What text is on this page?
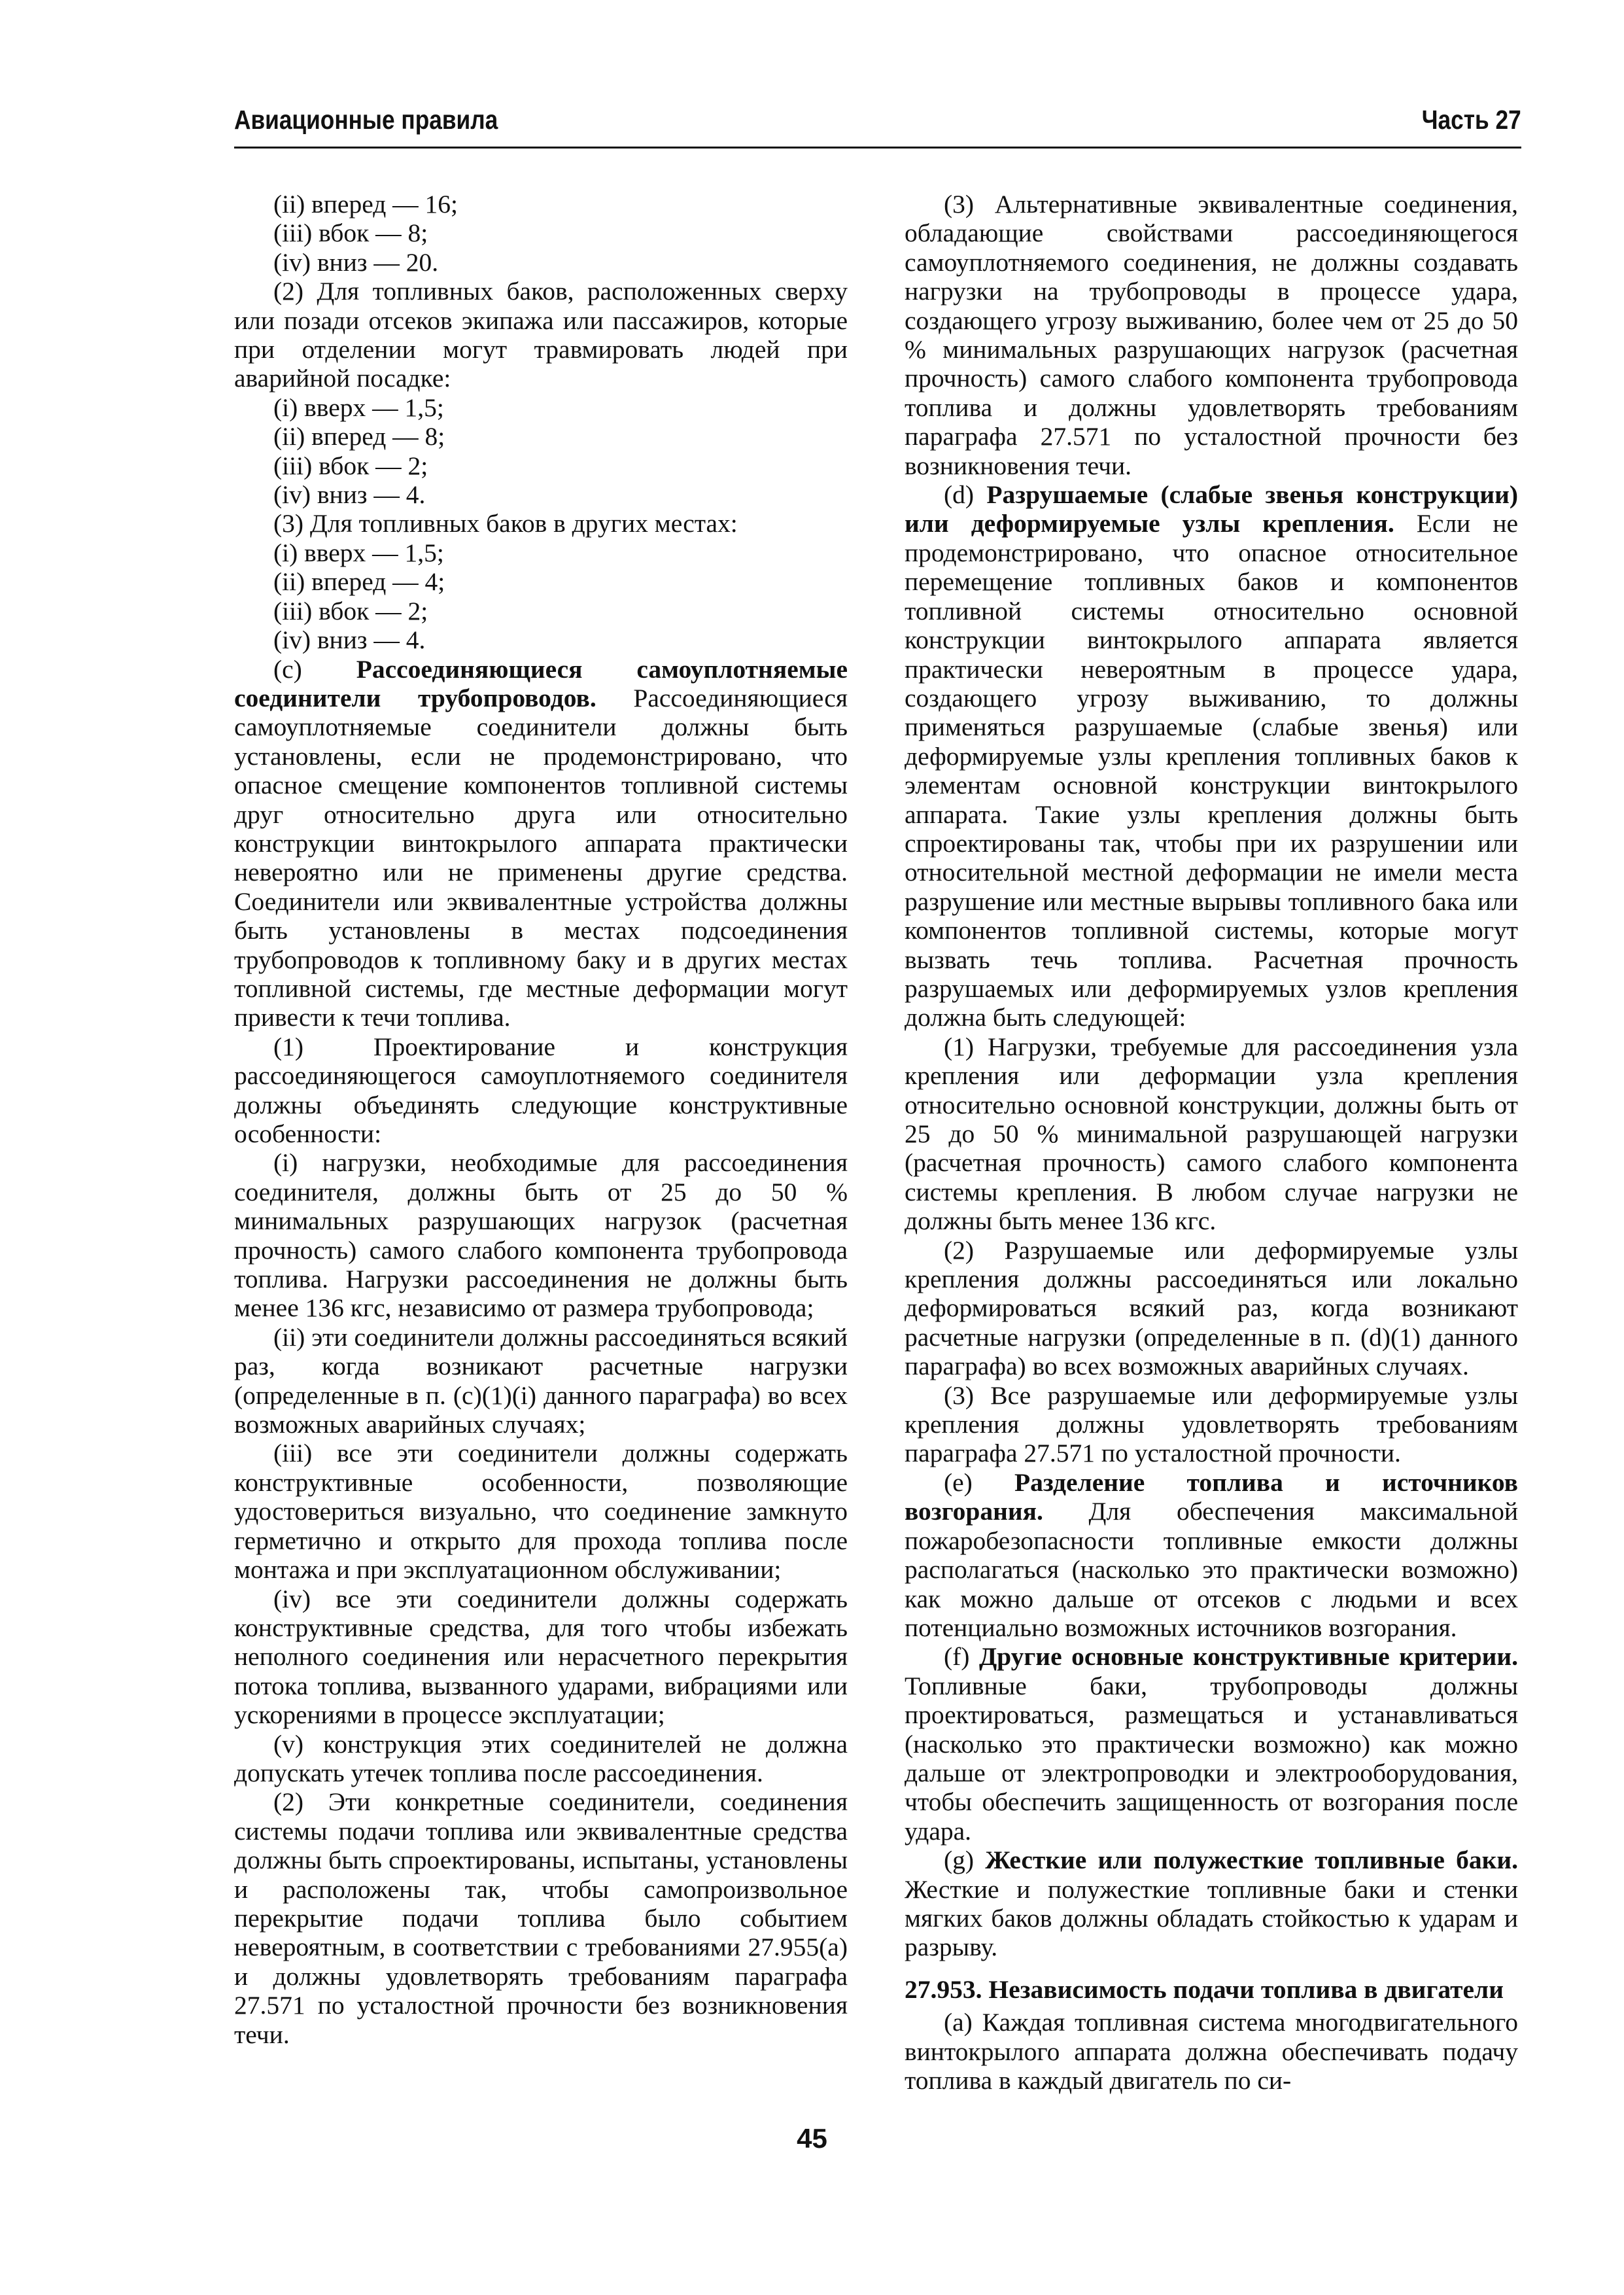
Авиационные правила	Часть 27

(ii) вперед — 16;

(iii) вбок — 8;

(iv) вниз — 20.

(2) Для топливных баков, расположенных сверху или позади отсеков экипажа или пассажиров, которые при отделении могут травмировать людей при аварийной посадке:

(i) вверх — 1,5;

(ii) вперед — 8;

(iii) вбок — 2;

(iv) вниз — 4.

(3) Для топливных баков в других местах:

(i) вверх — 1,5;

(ii) вперед — 4;

(iii) вбок — 2;

(iv) вниз — 4.

(c) Рассоединяющиеся самоуплотняемые соединители трубопроводов. Рассоединяющиеся самоуплотняемые соединители должны быть установлены, если не продемонстрировано, что опасное смещение компонентов топливной системы друг относительно друга или относительно конструкции винтокрылого аппарата практически невероятно или не применены другие средства. Соединители или эквивалентные устройства должны быть установлены в местах подсоединения трубопроводов к топливному баку и в других местах топливной системы, где местные деформации могут привести к течи топлива.

(1) Проектирование и конструкция рассоединяющегося самоуплотняемого соединителя должны объединять следующие конструктивные особенности:

(i) нагрузки, необходимые для рассоединения соединителя, должны быть от 25 до 50 % минимальных разрушающих нагрузок (расчетная прочность) самого слабого компонента трубопровода топлива. Нагрузки рассоединения не должны быть менее 136 кгс, независимо от размера трубопровода;

(ii) эти соединители должны рассоединяться всякий раз, когда возникают расчетные нагрузки (определенные в п. (c)(1)(i) данного параграфа) во всех возможных аварийных случаях;

(iii) все эти соединители должны содержать конструктивные особенности, позволяющие удостовериться визуально, что соединение замкнуто герметично и открыто для прохода топлива после монтажа и при эксплуатационном обслуживании;

(iv) все эти соединители должны содержать конструктивные средства, для того чтобы избежать неполного соединения или нерасчетного перекрытия потока топлива, вызванного ударами, вибрациями или ускорениями в процессе эксплуатации;

(v) конструкция этих соединителей не должна допускать утечек топлива после рассоединения.

(2) Эти конкретные соединители, соединения системы подачи топлива или эквивалентные средства должны быть спроектированы, испытаны, установлены и расположены так, чтобы самопроизвольное перекрытие подачи топлива было событием невероятным, в соответствии с требованиями 27.955(a) и должны удовлетворять требованиям параграфа 27.571 по усталостной прочности без возникновения течи.

(3) Альтернативные эквивалентные соединения, обладающие свойствами рассоединяющегося самоуплотняемого соединения, не должны создавать нагрузки на трубопроводы в процессе удара, создающего угрозу выживанию, более чем от 25 до 50 % минимальных разрушающих нагрузок (расчетная прочность) самого слабого компонента трубопровода топлива и должны удовлетворять требованиям параграфа 27.571 по усталостной прочности без возникновения течи.

(d) Разрушаемые (слабые звенья конструкции) или деформируемые узлы крепления. Если не продемонстрировано, что опасное относительное перемещение топливных баков и компонентов топливной системы относительно основной конструкции винтокрылого аппарата является практически невероятным в процессе удара, создающего угрозу выживанию, то должны применяться разрушаемые (слабые звенья) или деформируемые узлы крепления топливных баков к элементам основной конструкции винтокрылого аппарата. Такие узлы крепления должны быть спроектированы так, чтобы при их разрушении или относительной местной деформации не имели места разрушение или местные вырывы топливного бака или компонентов топливной системы, которые могут вызвать течь топлива. Расчетная прочность разрушаемых или деформируемых узлов крепления должна быть следующей:

(1) Нагрузки, требуемые для рассоединения узла крепления или деформации узла крепления относительно основной конструкции, должны быть от 25 до 50 % минимальной разрушающей нагрузки (расчетная прочность) самого слабого компонента системы крепления. В любом случае нагрузки не должны быть менее 136 кгс.

(2) Разрушаемые или деформируемые узлы крепления должны рассоединяться или локально деформироваться всякий раз, когда возникают расчетные нагрузки (определенные в п. (d)(1) данного параграфа) во всех возможных аварийных случаях.

(3) Все разрушаемые или деформируемые узлы крепления должны удовлетворять требованиям параграфа 27.571 по усталостной прочности.

(e) Разделение топлива и источников возгорания. Для обеспечения максимальной пожаробезопасности топливные емкости должны располагаться (насколько это практически возможно) как можно дальше от отсеков с людьми и всех потенциально возможных источников возгорания.

(f) Другие основные конструктивные критерии. Топливные баки, трубопроводы должны проектироваться, размещаться и устанавливаться (насколько это практически возможно) как можно дальше от электропроводки и электрооборудования, чтобы обеспечить защищенность от возгорания после удара.

(g) Жесткие или полужесткие топливные баки. Жесткие и полужесткие топливные баки и стенки мягких баков должны обладать стойкостью к ударам и разрыву.

27.953. Независимость подачи топлива в двигатели

(a) Каждая топливная система многодвигательного винтокрылого аппарата должна обеспечивать подачу топлива в каждый двигатель по си-

45
